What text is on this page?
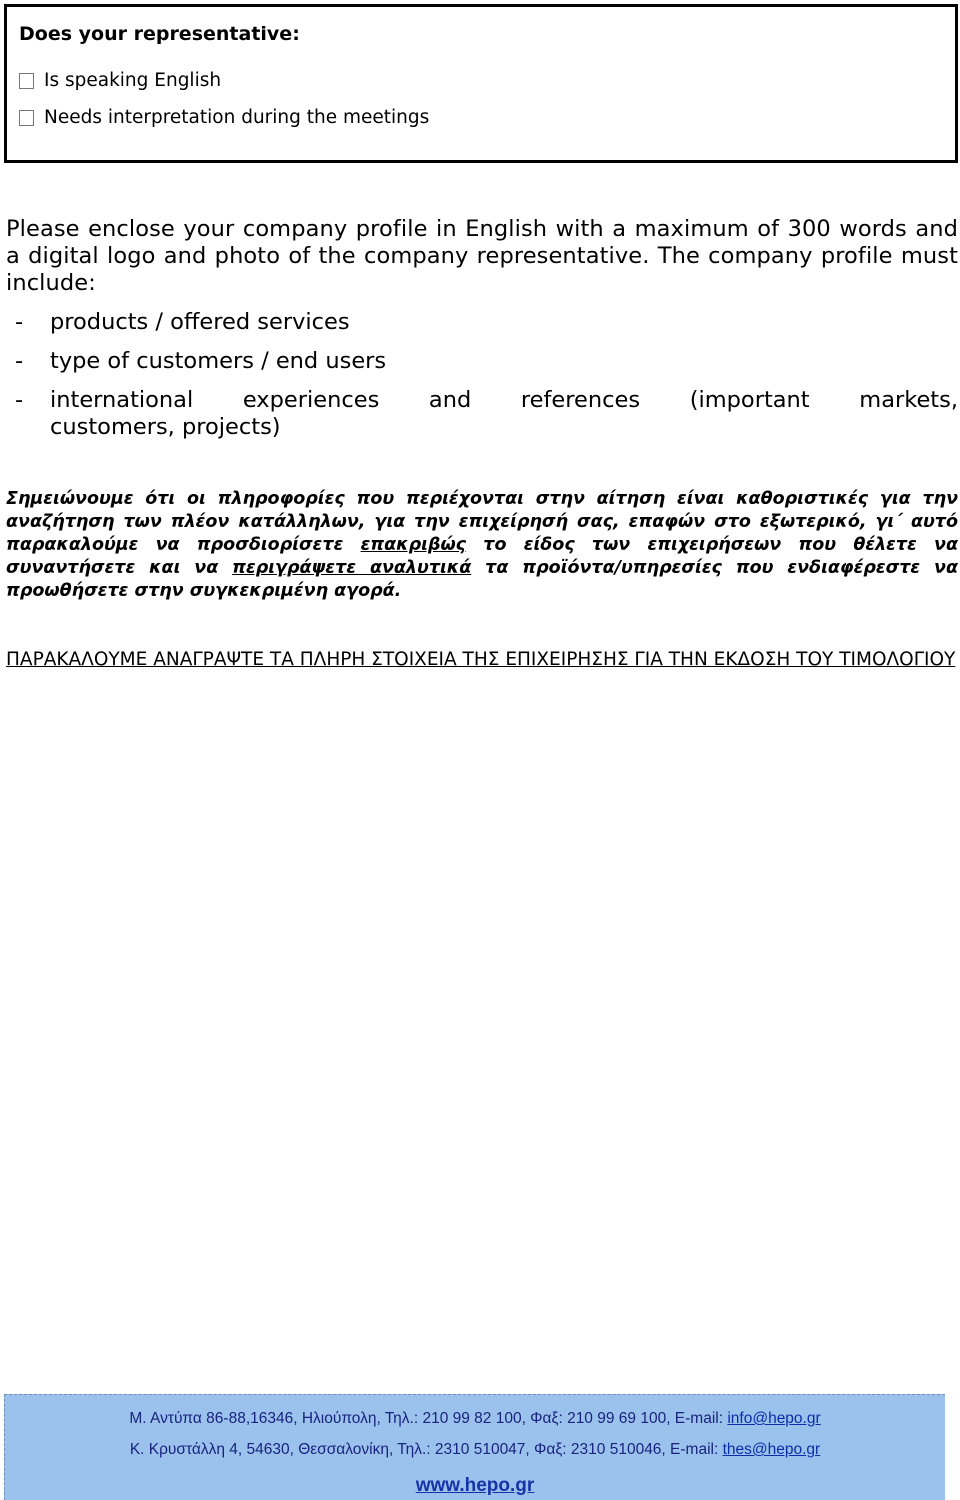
Does your representative:
Is speaking English
Needs interpretation during the meetings
Please enclose your company profile in English with a maximum of 300 words and a digital logo and photo of the company representative. The company profile must include:
- products / offered services
- type of customers / end users
- international experiences and references (important markets,
customers, projects)
Σημειώνουμε ότι οι πληροφορίες που περιέχονται στην αίτηση είναι καθοριστικές για την αναζήτηση των πλέον κατάλληλων, για την επιχείρησή σας, επαφών στο εξωτερικό, γι΄ αυτό παρακαλούμε να προσδιορίσετε επακριβώς το είδος των επιχειρήσεων που θέλετε να συναντήσετε και να περιγράψετε αναλυτικά τα προϊόντα/υπηρεσίες που ενδιαφέρεστε να προωθήσετε στην συγκεκριμένη αγορά.
ΠΑΡΑΚΑΛΟΥΜΕ ΑΝΑΓΡΑΨΤΕ ΤΑ ΠΛΗΡΗ ΣΤΟΙΧΕΙΑ ΤΗΣ ΕΠΙΧΕΙΡΗΣΗΣ ΓΙΑ ΤΗΝ ΕΚΔΟΣΗ ΤΟΥ ΤΙΜΟΛΟΓΙΟΥ
Μ. Αντύπα 86-88,16346, Ηλιούπολη, Τηλ.: 210 99 82 100, Φαξ: 210 99 69 100, E-mail: info@hepo.gr
Κ. Κρυστάλλη 4, 54630, Θεσσαλονίκη, Τηλ.: 2310 510047, Φαξ: 2310 510046, E-mail: thes@hepo.gr
www.hepo.gr
